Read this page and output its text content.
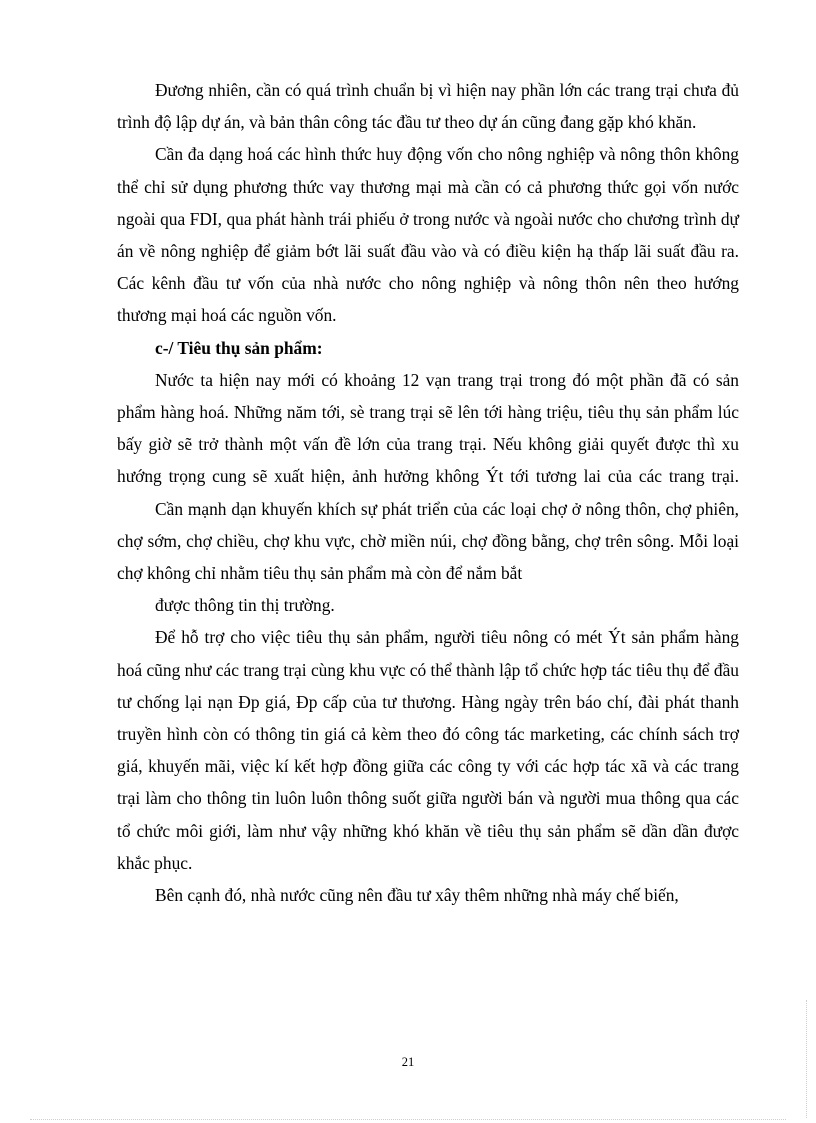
Đương nhiên, cần có quá trình chuẩn bị vì hiện nay phần lớn các trang trại chưa đủ trình độ lập dự án, và bản thân công tác đầu tư theo dự án cũng đang gặp khó khăn.

Cần đa dạng hoá các hình thức huy động vốn cho nông nghiệp và nông thôn không thể chỉ sử dụng phương thức vay thương mại mà cần có cả phương thức gọi vốn nước ngoài qua FDI, qua phát hành trái phiếu ở trong nước và ngoài nước cho chương trình dự án về nông nghiệp để giảm bớt lãi suất đầu vào và có điều kiện hạ thấp lãi suất đầu ra. Các kênh đầu tư vốn của nhà nước cho nông nghiệp và nông thôn nên theo hướng thương mại hoá các nguồn vốn.

c-/ Tiêu thụ sản phẩm:

Nước ta hiện nay mới có khoảng 12 vạn trang trại trong đó một phần đã có sản phẩm hàng hoá. Những năm tới, sè trang trại sẽ lên tới hàng triệu, tiêu thụ sản phẩm lúc bấy giờ sẽ trở thành một vấn đề lớn của trang trại. Nếu không giải quyết được thì xu hướng trọng cung sẽ xuất hiện, ảnh hưởng không Ýt tới tương lai của các trang trại.

Cần mạnh dạn khuyến khích sự phát triển của các loại chợ ở nông thôn, chợ phiên, chợ sớm, chợ chiều, chợ khu vực, chờ miền núi, chợ đồng bằng, chợ trên sông. Mỗi loại chợ không chỉ nhằm tiêu thụ sản phẩm mà còn để nắm bắt

được thông tin thị trường.

Để hỗ trợ cho việc tiêu thụ sản phẩm, người tiêu nông có mét Ýt sản phẩm hàng hoá cũng như các trang trại cùng khu vực có thể thành lập tổ chức hợp tác tiêu thụ để đầu tư chống lại nạn Ðp giá, Ðp cấp của tư thương. Hàng ngày trên báo chí, đài phát thanh truyền hình còn có thông tin giá cả kèm theo đó công tác marketing, các chính sách trợ giá, khuyến mãi, việc kí kết hợp đồng giữa các công ty với các hợp tác xã và các trang trại làm cho thông tin luôn luôn thông suốt giữa người bán và người mua thông qua các tổ chức môi giới, làm như vậy những khó khăn về tiêu thụ sản phẩm sẽ dần dần được khắc phục.

Bên cạnh đó, nhà nước cũng nên đầu tư xây thêm những nhà máy chế biến,

21
